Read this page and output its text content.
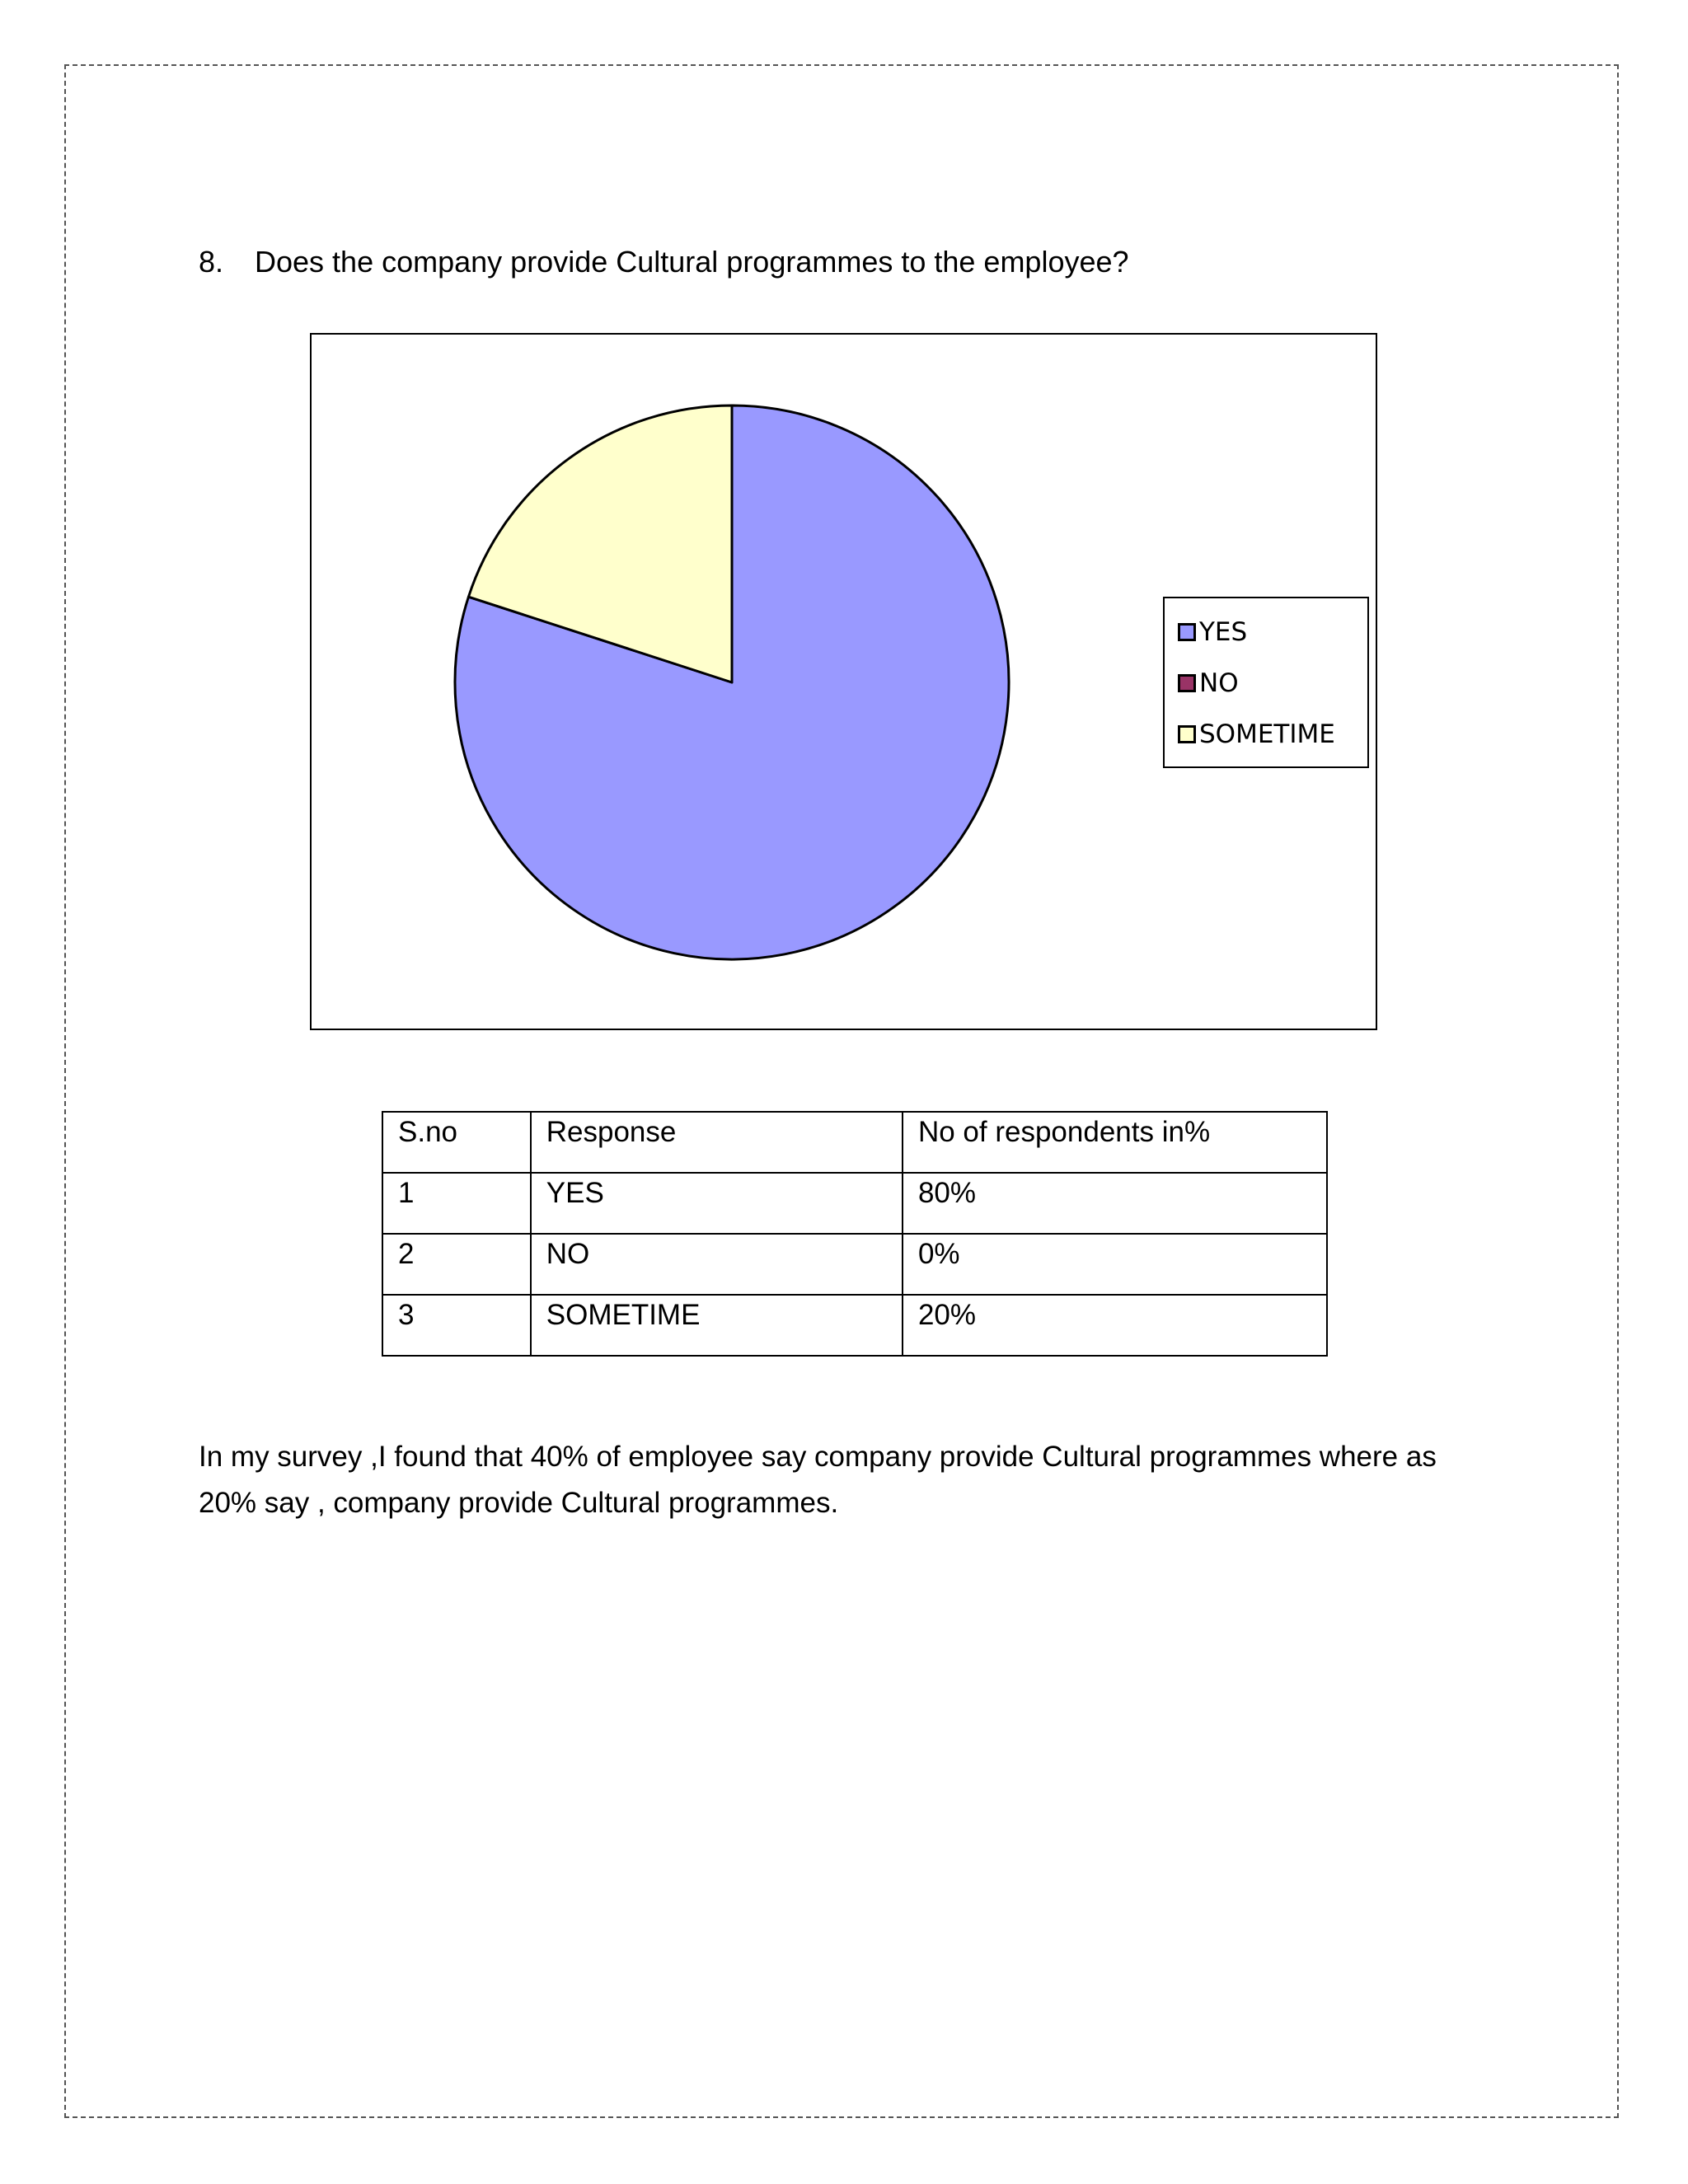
8. Does the company provide Cultural programmes to the employee?
YES
NO
SOMETIME
S.no	Response	No of respondents in%
1	YES	80%
2	NO	0%
3	SOMETIME	20%
In my survey ,I found that 40% of employee say company provide Cultural programmes where as 20% say , company provide Cultural programmes.
